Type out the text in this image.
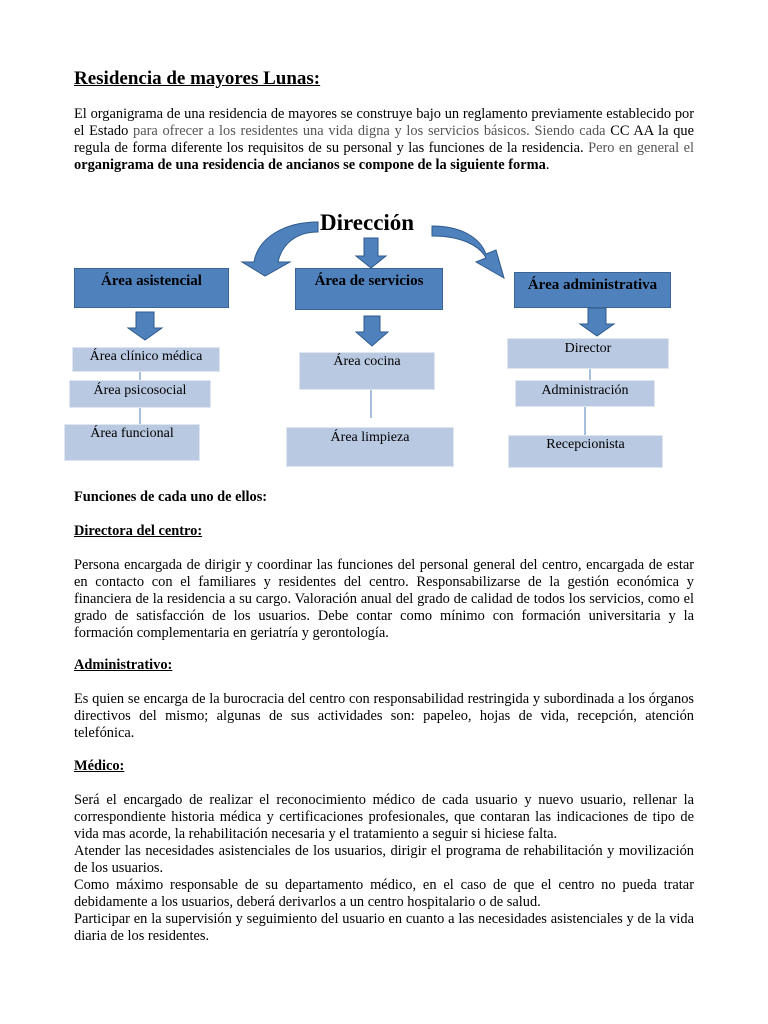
Residencia de mayores Lunas:

El organigrama de una residencia de mayores se construye bajo un reglamento previamente establecido por el Estado para ofrecer a los residentes una vida digna y los servicios básicos. Siendo cada CC AA la que regula de forma diferente los requisitos de su personal y las funciones de la residencia. Pero en general el organigrama de una residencia de ancianos se compone de la siguiente forma.

Dirección
Área asistencial	Área de servicios	Área administrativa
Área clínico médica
Área psicosocial
Área funcional
Área cocina
Área limpieza
Director
Administración
Recepcionista

Funciones de cada uno de ellos:

Directora del centro:

Persona encargada de dirigir y coordinar las funciones del personal general del centro, encargada de estar en contacto con el familiares y residentes del centro. Responsabilizarse de la gestión económica y financiera de la residencia a su cargo. Valoración anual del grado de calidad de todos los servicios, como el grado de satisfacción de los usuarios. Debe contar como mínimo con formación universitaria y la formación complementaria en geriatría y gerontología.

Administrativo:

Es quien se encarga de la burocracia del centro con responsabilidad restringida y subordinada a los órganos directivos del mismo; algunas de sus actividades son: papeleo, hojas de vida, recepción, atención telefónica.

Médico:

Será el encargado de realizar el reconocimiento médico de cada usuario y nuevo usuario, rellenar la correspondiente historia médica y certificaciones profesionales, que contaran las indicaciones de tipo de vida mas acorde, la rehabilitación necesaria y el tratamiento a seguir si hiciese falta.
Atender las necesidades asistenciales de los usuarios, dirigir el programa de rehabilitación y movilización de los usuarios.
Como máximo responsable de su departamento médico, en el caso de que el centro no pueda tratar debidamente a los usuarios, deberá derivarlos a un centro hospitalario o de salud.
Participar en la supervisión y seguimiento del usuario en cuanto a las necesidades asistenciales y de la vida diaria de los residentes.
